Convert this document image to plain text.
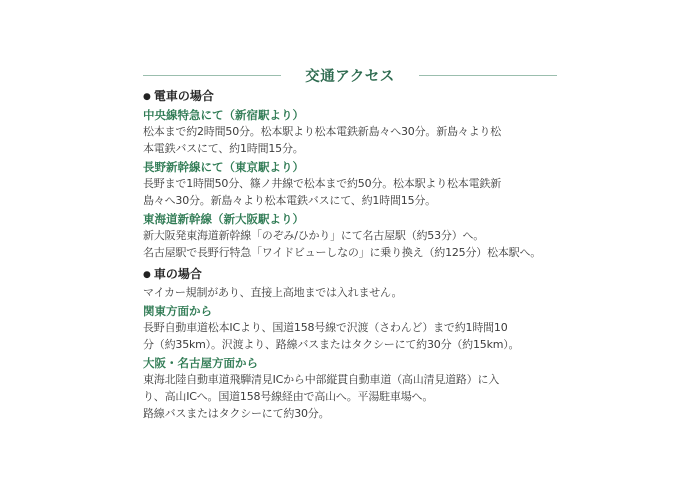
交通アクセス
● 電車の場合
中央線特急にて（新宿駅より）
松本まで約2時間50分。松本駅より松本電鉄新島々へ30分。新島々より松
本電鉄バスにて、約1時間15分。
長野新幹線にて（東京駅より）
長野まで1時間50分、篠ノ井線で松本まで約50分。松本駅より松本電鉄新
島々へ30分。新島々より松本電鉄バスにて、約1時間15分。
東海道新幹線（新大阪駅より）
新大阪発東海道新幹線「のぞみ/ひかり」にて名古屋駅（約53分）へ。
名古屋駅で長野行特急「ワイドビューしなの」に乗り換え（約125分）松本駅へ。
● 車の場合
マイカー規制があり、直接上高地までは入れません。
関東方面から
長野自動車道松本ICより、国道158号線で沢渡（さわんど）まで約1時間10
分（約35km）。沢渡より、路線バスまたはタクシーにて約30分（約15km）。
大阪・名古屋方面から
東海北陸自動車道飛騨清見ICから中部縦貫自動車道（高山清見道路）に入
り、高山ICへ。国道158号線経由で高山へ。平湯駐車場へ。
路線バスまたはタクシーにて約30分。
